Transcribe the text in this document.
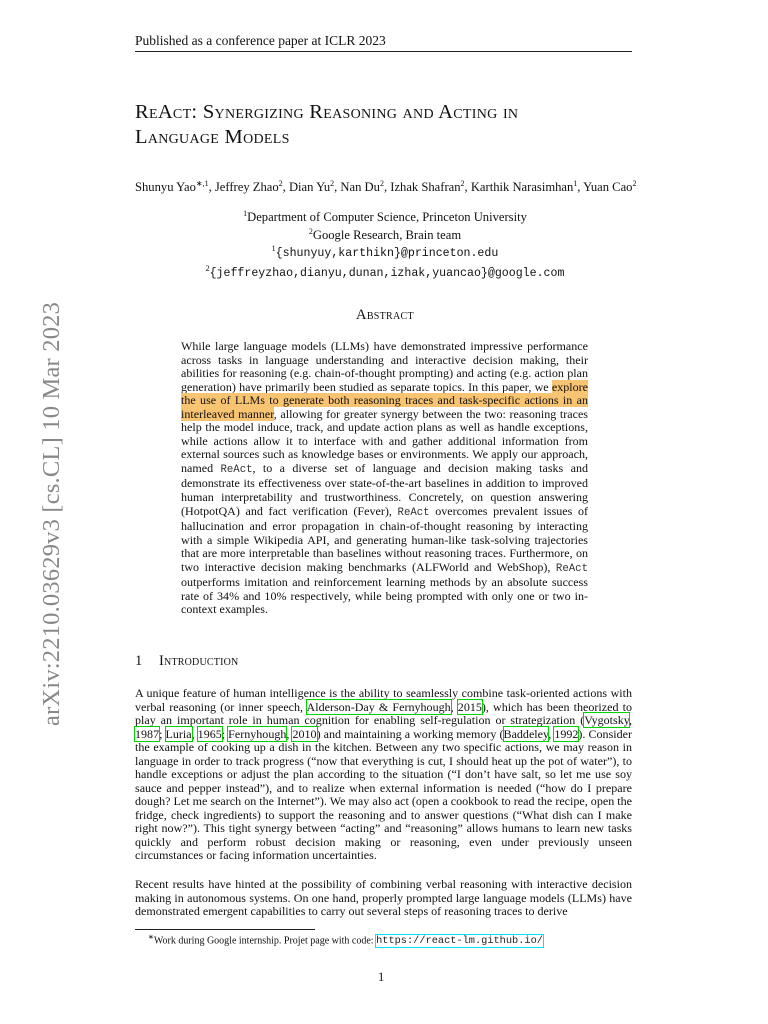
Published as a conference paper at ICLR 2023
arXiv:2210.03629v3 [cs.CL] 10 Mar 2023
ReAct: Synergizing Reasoning and Acting in
Language Models
Shunyu Yao$^{∗,1}$, Jeffrey Zhao$^2$, Dian Yu$^2$, Nan Du$^2$, Izhak Shafran$^2$, Karthik Narasimhan$^1$, Yuan Cao$^2$
$^1$Department of Computer Science, Princeton University
$^2$Google Research, Brain team
$^1${shunyuy,karthikn}@princeton.edu
$^2${jeffreyzhao,dianyu,dunan,izhak,yuancao}@google.com
Abstract
While large language models (LLMs) have demonstrated impressive performance across tasks in language understanding and interactive decision making, their abilities for reasoning (e.g. chain-of-thought prompting) and acting (e.g. action plan generation) have primarily been studied as separate topics. In this paper, we explore the use of LLMs to generate both reasoning traces and task-specific actions in an interleaved manner, allowing for greater synergy between the two: reasoning traces help the model induce, track, and update action plans as well as handle exceptions, while actions allow it to interface with and gather additional information from external sources such as knowledge bases or environments. We apply our approach, named ReAct, to a diverse set of language and decision making tasks and demonstrate its effectiveness over state-of-the-art baselines in addition to improved human interpretability and trustworthiness. Concretely, on question answering (HotpotQA) and fact verification (Fever), ReAct overcomes prevalent issues of hallucination and error propagation in chain-of-thought reasoning by interacting with a simple Wikipedia API, and generating human-like task-solving trajectories that are more interpretable than baselines without reasoning traces. Furthermore, on two interactive decision making benchmarks (ALFWorld and WebShop), ReAct outperforms imitation and reinforcement learning methods by an absolute success rate of 34% and 10% respectively, while being prompted with only one or two in-context examples.
1 Introduction
A unique feature of human intelligence is the ability to seamlessly combine task-oriented actions with verbal reasoning (or inner speech, Alderson-Day & Fernyhough, 2015), which has been theorized to play an important role in human cognition for enabling self-regulation or strategization (Vygotsky, 1987; Luria, 1965; Fernyhough, 2010) and maintaining a working memory (Baddeley, 1992). Consider the example of cooking up a dish in the kitchen. Between any two specific actions, we may reason in language in order to track progress (“now that everything is cut, I should heat up the pot of water”), to handle exceptions or adjust the plan according to the situation (“I don’t have salt, so let me use soy sauce and pepper instead”), and to realize when external information is needed (“how do I prepare dough? Let me search on the Internet”). We may also act (open a cookbook to read the recipe, open the fridge, check ingredients) to support the reasoning and to answer questions (“What dish can I make right now?”). This tight synergy between “acting” and “reasoning” allows humans to learn new tasks quickly and perform robust decision making or reasoning, even under previously unseen circumstances or facing information uncertainties.
Recent results have hinted at the possibility of combining verbal reasoning with interactive decision making in autonomous systems. On one hand, properly prompted large language models (LLMs) have demonstrated emergent capabilities to carry out several steps of reasoning traces to derive
∗Work during Google internship. Projet page with code: https://react-lm.github.io/
1
